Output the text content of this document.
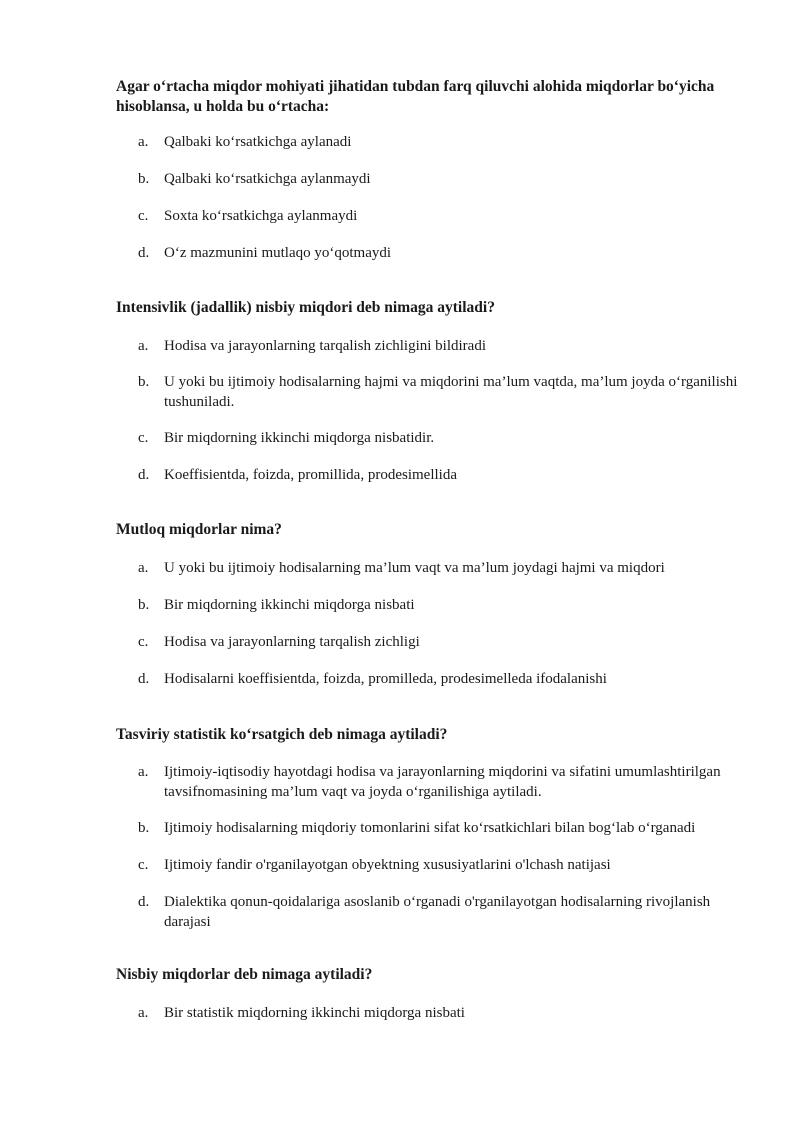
Agar o‘rtacha miqdor mohiyati jihatidan tubdan farq qiluvchi alohida miqdorlar bo‘yicha hisoblansa, u holda bu o‘rtacha:
a.	Qalbaki ko‘rsatkichga aylanadi
b. Qalbaki ko‘rsatkichga aylanmaydi
c.	Soxta ko‘rsatkichga aylanmaydi
d. O‘z mazmunini mutlaqo yo‘qotmaydi
Intensivlik (jadallik) nisbiy miqdori deb nimaga aytiladi?
a.	Hodisa va jarayonlarning tarqalish zichligini bildiradi
b. U yoki bu ijtimoiy hodisalarning hajmi va miqdorini ma’lum vaqtda, ma’lum joyda o‘rganilishi tushuniladi.
c.	Bir miqdorning ikkinchi miqdorga nisbatidir.
d. Koeffisientda, foizda, promillida, prodesimellida
Mutloq miqdorlar nima?
a.	U yoki bu ijtimoiy hodisalarning ma’lum vaqt va ma’lum joydagi hajmi va miqdori
b. Bir miqdorning ikkinchi miqdorga nisbati
c.	Hodisa va jarayonlarning tarqalish zichligi
d. Hodisalarni koeffisientda, foizda, promilleda, prodesimelleda ifodalanishi
Tasviriy statistik ko‘rsatgich deb nimaga aytiladi?
a.	Ijtimoiy-iqtisodiy hayotdagi hodisa va jarayonlarning miqdorini va sifatini umumlashtirilgan tavsifnomasining ma’lum vaqt va joyda o‘rganilishiga aytiladi.
b. Ijtimoiy hodisalarning miqdoriy tomonlarini sifat ko‘rsatkichlari bilan bog‘lab o‘rganadi
c.	Ijtimoiy fandir o'rganilayotgan obyektning xususiyatlarini o'lchash natijasi
d. Dialektika qonun-qoidalariga asoslanib o‘rganadi o'rganilayotgan hodisalarning rivojlanish darajasi
Nisbiy miqdorlar deb nimaga aytiladi?
a.	Bir statistik miqdorning ikkinchi miqdorga nisbati
